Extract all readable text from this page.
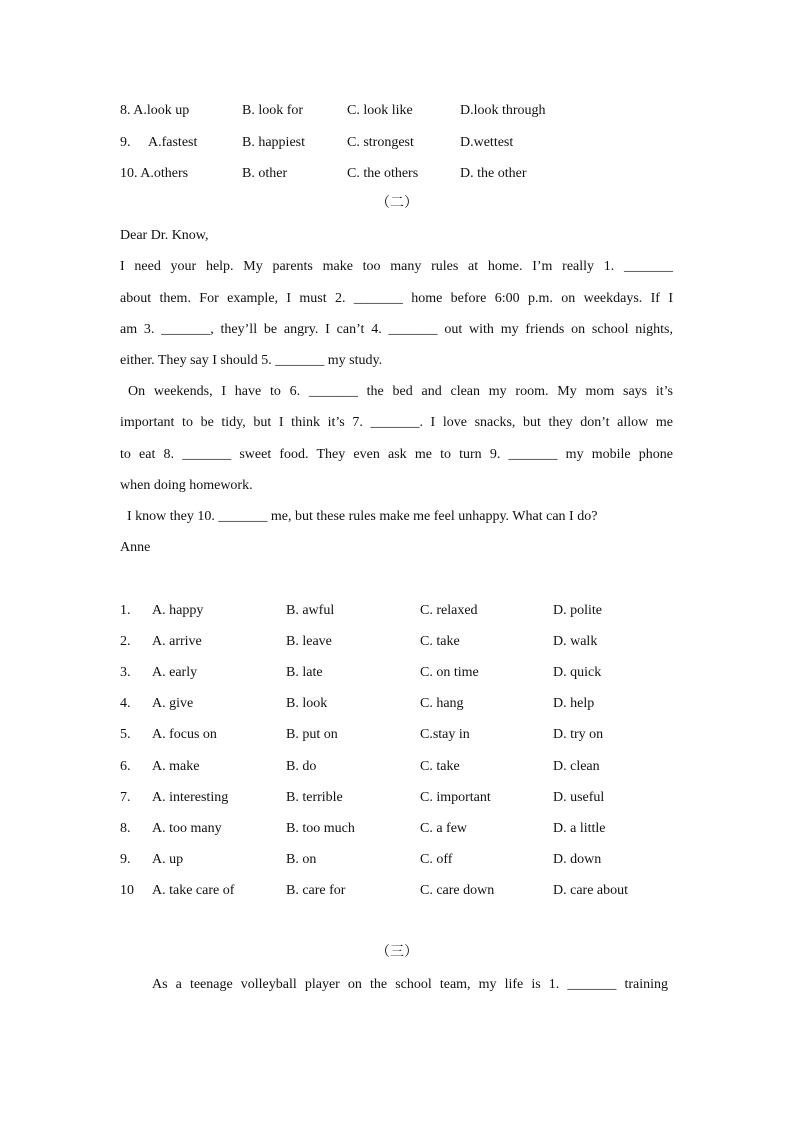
8. A.look up	B. look for	C. look like	D.look through
9. A.fastest	B. happiest	C. strongest	D.wettest
10. A.others	B. other	C. the others	D. the other
（二）
Dear Dr. Know,
I need your help. My parents make too many rules at home. I’m really 1. _______
about them. For example, I must 2. _______ home before 6:00 p.m. on weekdays. If I
am 3. _______, they’ll be angry. I can’t 4. _______ out with my friends on school nights,
either. They say I should 5. _______ my study.
On weekends, I have to 6. _______ the bed and clean my room. My mom says it’s
important to be tidy, but I think it’s 7. _______. I love snacks, but they don’t allow me
to eat 8. _______ sweet food. They even ask me to turn 9. _______ my mobile phone
when doing homework.
I know they 10. _______ me, but these rules make me feel unhappy. What can I do?
Anne
1. A. happy	B. awful	C. relaxed	D. polite
2. A. arrive	B. leave	C. take	D. walk
3. A. early	B. late	C. on time	D. quick
4. A. give	B. look	C. hang	D. help
5. A. focus on	B. put on	C.stay in	D. try on
6. A. make	B. do	C. take	D. clean
7. A. interesting	B. terrible	C. important	D. useful
8. A. too many	B. too much	C. a few	D. a little
9. A. up	B. on	C. off	D. down
10 A. take care of	B. care for	C. care down	D. care about
（三）
As a teenage volleyball player on the school team, my life is 1. _______ training
